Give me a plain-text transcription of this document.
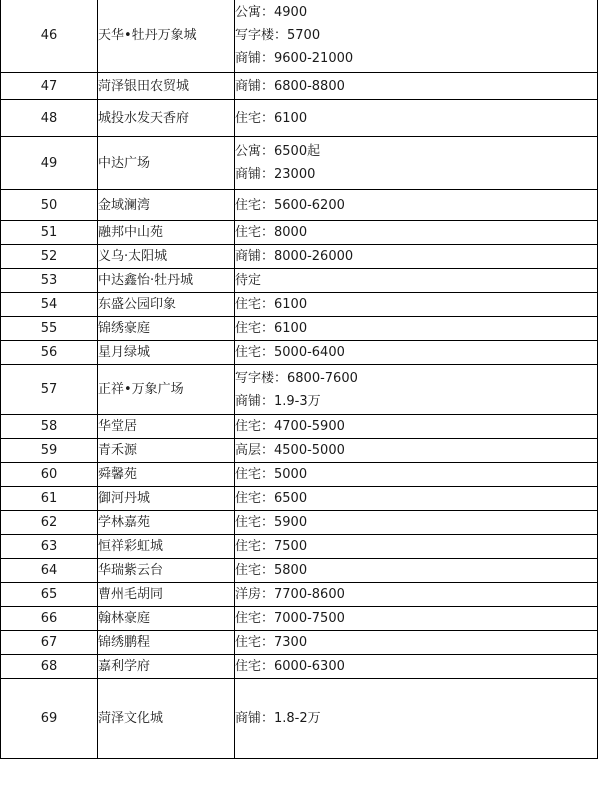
46	天华•牡丹万象城	公寓：4900
写字楼：5700
商铺：9600-21000

47	菏泽银田农贸城	商铺：6800-8800

48	城投水发天香府	住宅：6100

49	中达广场	公寓：6500起
商铺：23000

50	金域澜湾	住宅：5600-6200

51	融邦中山苑	住宅：8000

52	义乌·太阳城	商铺：8000-26000

53	中达鑫怡·牡丹城	待定

54	东盛公园印象	住宅：6100

55	锦绣豪庭	住宅：6100

56	星月绿城	住宅：5000-6400

57	正祥•万象广场	写字楼：6800-7600
商铺：1.9-3万

58	华堂居	住宅：4700-5900

59	青禾源	高层：4500-5000

60	舜馨苑	住宅：5000

61	御河丹城	住宅：6500

62	学林嘉苑	住宅：5900

63	恒祥彩虹城	住宅：7500

64	华瑞紫云台	住宅：5800

65	曹州毛胡同	洋房：7700-8600

66	翰林豪庭	住宅：7000-7500

67	锦绣鹏程	住宅：7300

68	嘉利学府	住宅：6000-6300

69	菏泽文化城	商铺：1.8-2万
